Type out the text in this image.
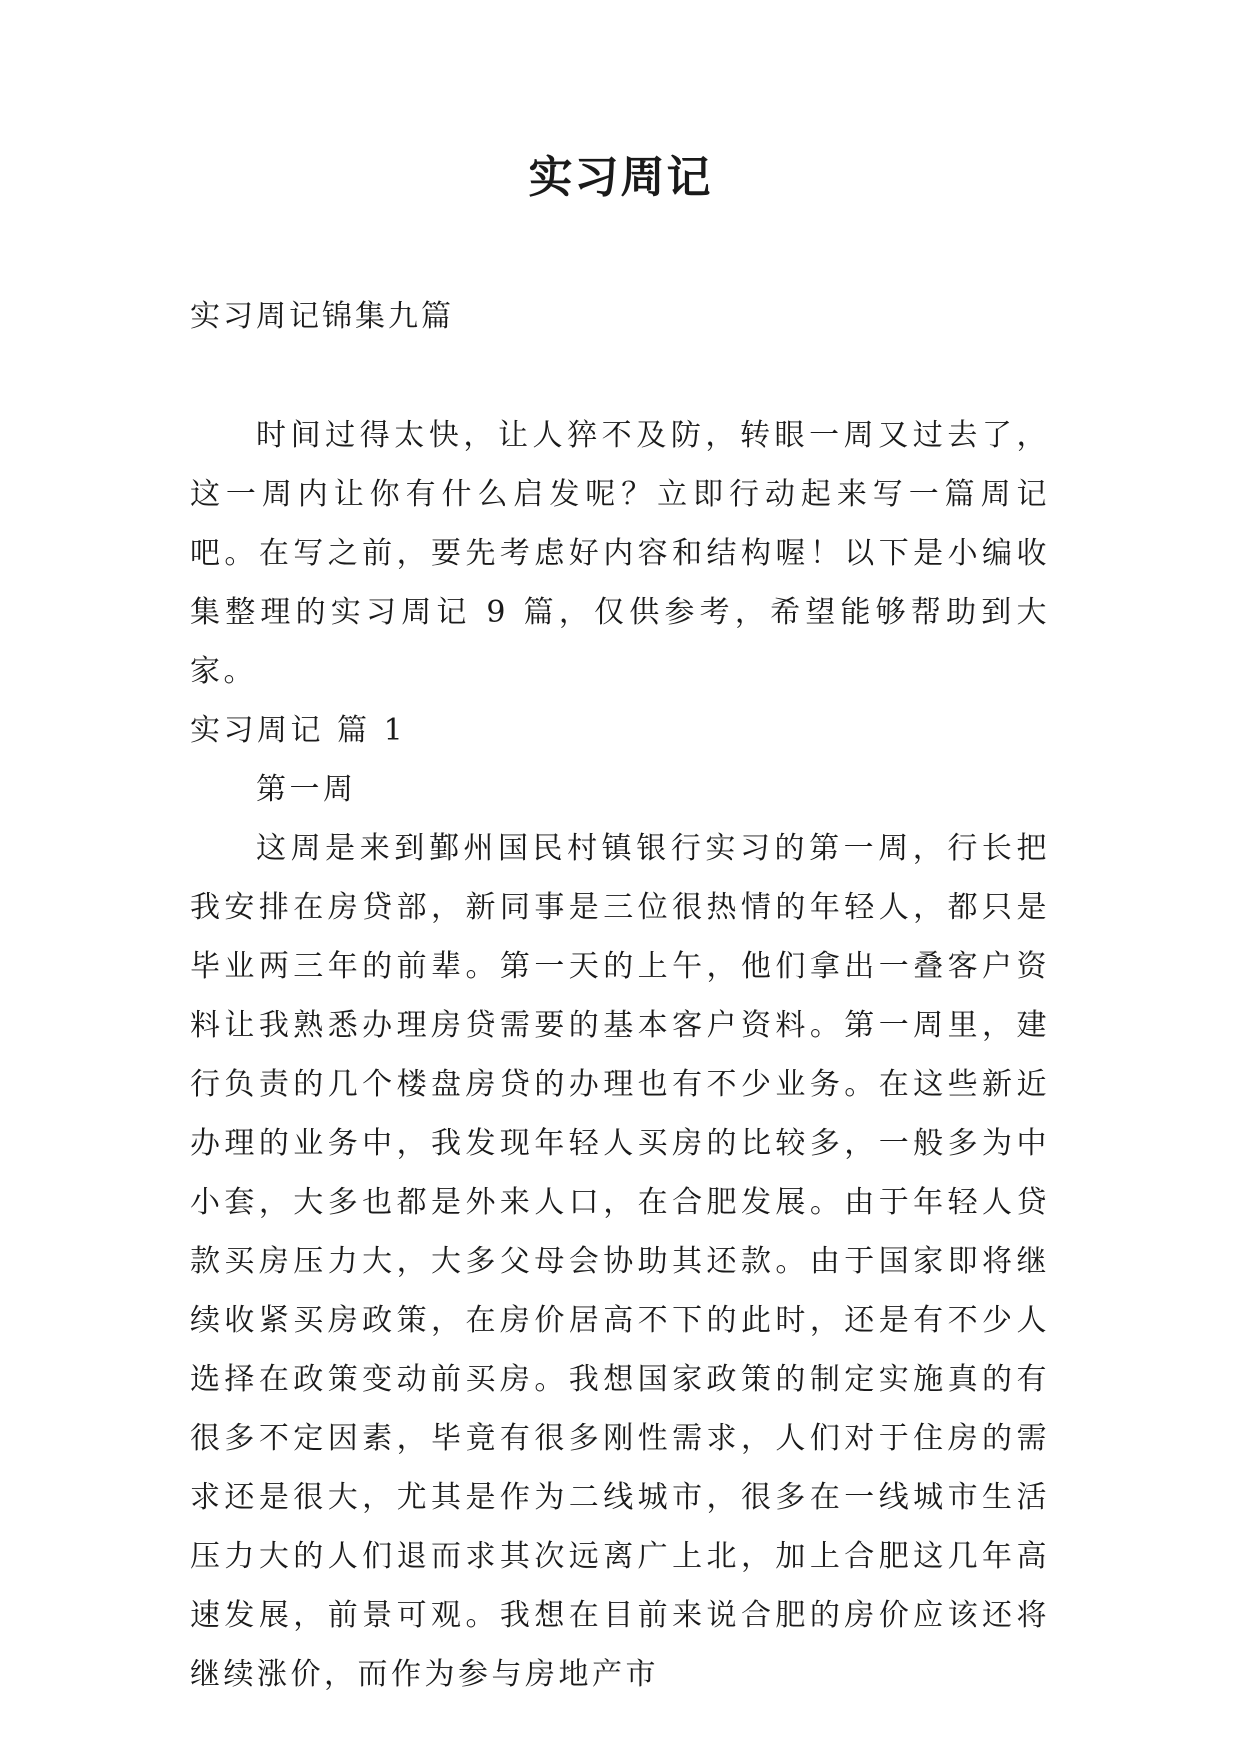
实习周记

实习周记锦集九篇

时间过得太快，让人猝不及防，转眼一周又过去了，这一周内让你有什么启发呢？立即行动起来写一篇周记吧。在写之前，要先考虑好内容和结构喔！以下是小编收集整理的实习周记 9 篇，仅供参考，希望能够帮助到大家。

实习周记 篇 1

第一周

这周是来到鄞州国民村镇银行实习的第一周，行长把我安排在房贷部，新同事是三位很热情的年轻人，都只是毕业两三年的前辈。第一天的上午，他们拿出一叠客户资料让我熟悉办理房贷需要的基本客户资料。第一周里，建行负责的几个楼盘房贷的办理也有不少业务。在这些新近办理的业务中，我发现年轻人买房的比较多，一般多为中小套，大多也都是外来人口，在合肥发展。由于年轻人贷款买房压力大，大多父母会协助其还款。由于国家即将继续收紧买房政策，在房价居高不下的此时，还是有不少人选择在政策变动前买房。我想国家政策的制定实施真的有很多不定因素，毕竟有很多刚性需求，人们对于住房的需求还是很大，尤其是作为二线城市，很多在一线城市生活压力大的人们退而求其次远离广上北，加上合肥这几年高速发展，前景可观。我想在目前来说合肥的房价应该还将继续涨价，而作为参与房地产市
